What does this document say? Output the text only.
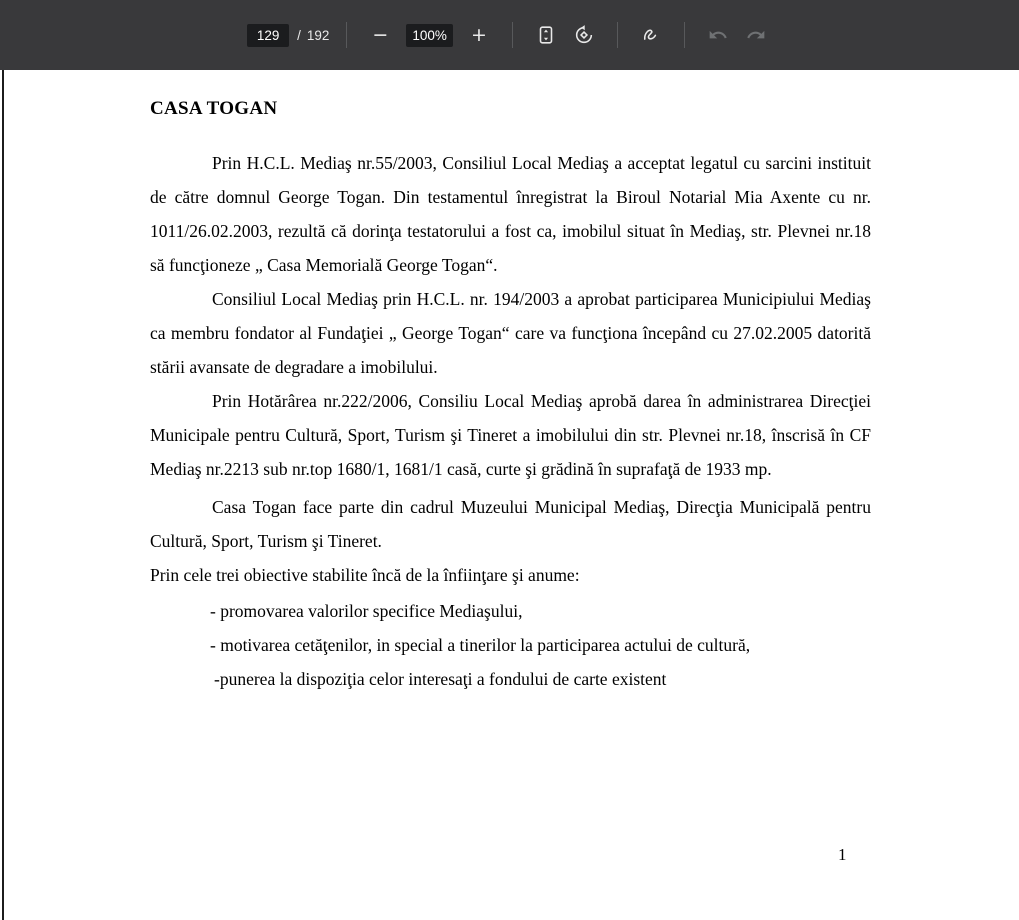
129
/ 192 −	100%	+
CASA TOGAN

Prin H.C.L. Mediaş nr.55/2003, Consiliul Local Mediaş a acceptat legatul cu sarcini instituit de către domnul George Togan. Din testamentul înregistrat la Biroul Notarial Mia Axente cu nr. 1011/26.02.2003, rezultă că dorinţa testatorului a fost ca, imobilul situat în Mediaş, str. Plevnei nr.18 să funcţioneze „ Casa Memorială George Togan“.

Consiliul Local Mediaş prin H.C.L. nr. 194/2003 a aprobat participarea Municipiului Mediaş ca membru fondator al Fundaţiei „ George Togan“ care va funcţiona începând cu 27.02.2005 datorită stării avansate de degradare a imobilului.

Prin Hotărârea nr.222/2006, Consiliu Local Mediaş aprobă darea în administrarea Direcţiei Municipale pentru Cultură, Sport, Turism şi Tineret a imobilului din str. Plevnei nr.18, înscrisă în CF Mediaş nr.2213 sub nr.top 1680/1, 1681/1 casă, curte şi grădină în suprafaţă de 1933 mp.

Casa Togan face parte din cadrul Muzeului Municipal Mediaş, Direcţia Municipală pentru Cultură, Sport, Turism şi Tineret.

Prin cele trei obiective stabilite încă de la înfiinţare şi anume:

- promovarea valorilor specifice Mediaşului,
- motivarea cetăţenilor, in special a tinerilor la participarea actului de cultură,
-punerea la dispoziţia celor interesaţi a fondului de carte existent
1
